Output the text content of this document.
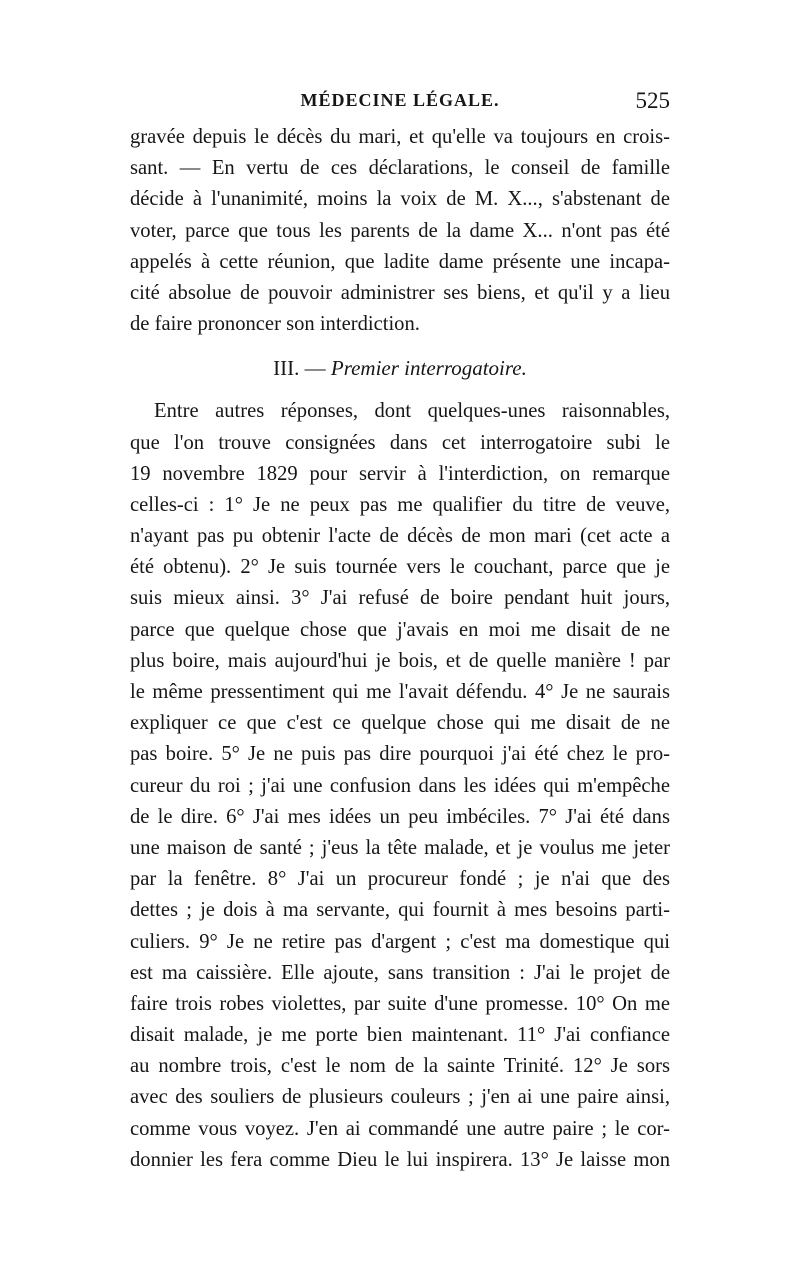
MÉDECINE LÉGALE.	525
gravée depuis le décès du mari, et qu'elle va toujours en crois-
sant. — En vertu de ces déclarations, le conseil de famille
décide à l'unanimité, moins la voix de M. X..., s'abstenant de
voter, parce que tous les parents de la dame X... n'ont pas été
appelés à cette réunion, que ladite dame présente une incapa-
cité absolue de pouvoir administrer ses biens, et qu'il y a lieu
de faire prononcer son interdiction.
III. — Premier interrogatoire.
Entre autres réponses, dont quelques-unes raisonnables,
que l'on trouve consignées dans cet interrogatoire subi le
19 novembre 1829 pour servir à l'interdiction, on remarque
celles-ci : 1° Je ne peux pas me qualifier du titre de veuve,
n'ayant pas pu obtenir l'acte de décès de mon mari (cet acte a
été obtenu). 2° Je suis tournée vers le couchant, parce que je
suis mieux ainsi. 3° J'ai refusé de boire pendant huit jours,
parce que quelque chose que j'avais en moi me disait de ne
plus boire, mais aujourd'hui je bois, et de quelle manière ! par
le même pressentiment qui me l'avait défendu. 4° Je ne saurais
expliquer ce que c'est ce quelque chose qui me disait de ne
pas boire. 5° Je ne puis pas dire pourquoi j'ai été chez le pro-
cureur du roi ; j'ai une confusion dans les idées qui m'empêche
de le dire. 6° J'ai mes idées un peu imbéciles. 7° J'ai été dans
une maison de santé ; j'eus la tête malade, et je voulus me jeter
par la fenêtre. 8° J'ai un procureur fondé ; je n'ai que des
dettes ; je dois à ma servante, qui fournit à mes besoins parti-
culiers. 9° Je ne retire pas d'argent ; c'est ma domestique qui
est ma caissière. Elle ajoute, sans transition : J'ai le projet de
faire trois robes violettes, par suite d'une promesse. 10° On me
disait malade, je me porte bien maintenant. 11° J'ai confiance
au nombre trois, c'est le nom de la sainte Trinité. 12° Je sors
avec des souliers de plusieurs couleurs ; j'en ai une paire ainsi,
comme vous voyez. J'en ai commandé une autre paire ; le cor-
donnier les fera comme Dieu le lui inspirera. 13° Je laisse mon
